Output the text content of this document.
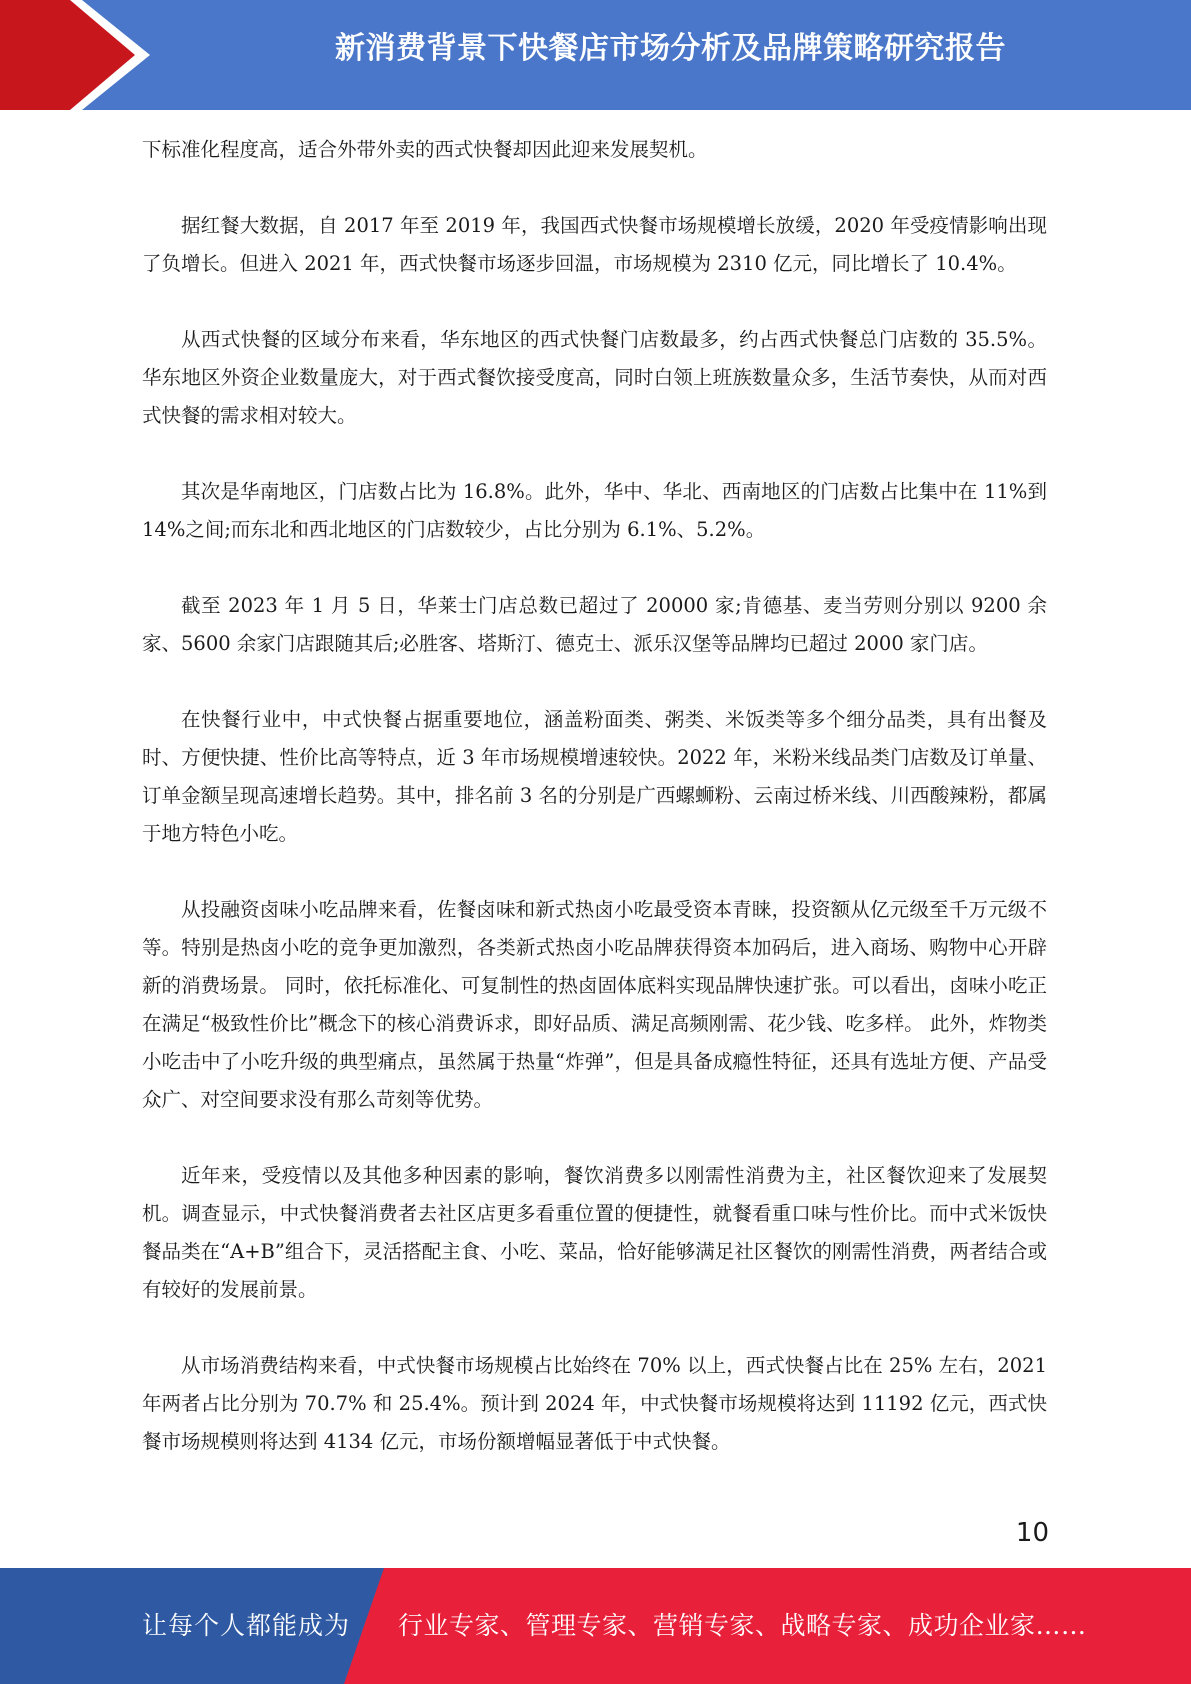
新消费背景下快餐店市场分析及品牌策略研究报告

下标准化程度高，适合外带外卖的西式快餐却因此迎来发展契机。

据红餐大数据，自 2017 年至 2019 年，我国西式快餐市场规模增长放缓，2020 年受疫情影响出现了负增长。但进入 2021 年，西式快餐市场逐步回温，市场规模为 2310 亿元，同比增长了 10.4%。

从西式快餐的区域分布来看，华东地区的西式快餐门店数最多，约占西式快餐总门店数的 35.5%。华东地区外资企业数量庞大，对于西式餐饮接受度高，同时白领上班族数量众多，生活节奏快，从而对西式快餐的需求相对较大。

其次是华南地区，门店数占比为 16.8%。此外，华中、华北、西南地区的门店数占比集中在 11%到 14%之间;而东北和西北地区的门店数较少，占比分别为 6.1%、5.2%。

截至 2023 年 1 月 5 日，华莱士门店总数已超过了 20000 家;肯德基、麦当劳则分别以 9200 余家、5600 余家门店跟随其后;必胜客、塔斯汀、德克士、派乐汉堡等品牌均已超过 2000 家门店。

在快餐行业中，中式快餐占据重要地位，涵盖粉面类、粥类、米饭类等多个细分品类，具有出餐及时、方便快捷、性价比高等特点，近 3 年市场规模增速较快。2022 年，米粉米线品类门店数及订单量、订单金额呈现高速增长趋势。其中，排名前 3 名的分别是广西螺蛳粉、云南过桥米线、川西酸辣粉，都属于地方特色小吃。

从投融资卤味小吃品牌来看，佐餐卤味和新式热卤小吃最受资本青睐，投资额从亿元级至千万元级不等。特别是热卤小吃的竞争更加激烈，各类新式热卤小吃品牌获得资本加码后，进入商场、购物中心开辟新的消费场景。 同时，依托标准化、可复制性的热卤固体底料实现品牌快速扩张。可以看出，卤味小吃正在满足“极致性价比”概念下的核心消费诉求，即好品质、满足高频刚需、花少钱、吃多样。 此外，炸物类小吃击中了小吃升级的典型痛点，虽然属于热量“炸弹”，但是具备成瘾性特征，还具有选址方便、产品受众广、对空间要求没有那么苛刻等优势。

近年来，受疫情以及其他多种因素的影响，餐饮消费多以刚需性消费为主，社区餐饮迎来了发展契机。调查显示，中式快餐消费者去社区店更多看重位置的便捷性，就餐看重口味与性价比。而中式米饭快餐品类在“A+B”组合下，灵活搭配主食、小吃、菜品，恰好能够满足社区餐饮的刚需性消费，两者结合或有较好的发展前景。

从市场消费结构来看，中式快餐市场规模占比始终在 70% 以上，西式快餐占比在 25% 左右，2021 年两者占比分别为 70.7% 和 25.4%。预计到 2024 年，中式快餐市场规模将达到 11192 亿元，西式快餐市场规模则将达到 4134 亿元，市场份额增幅显著低于中式快餐。

10
让每个人都能成为 行业专家、管理专家、营销专家、战略专家、成功企业家……
